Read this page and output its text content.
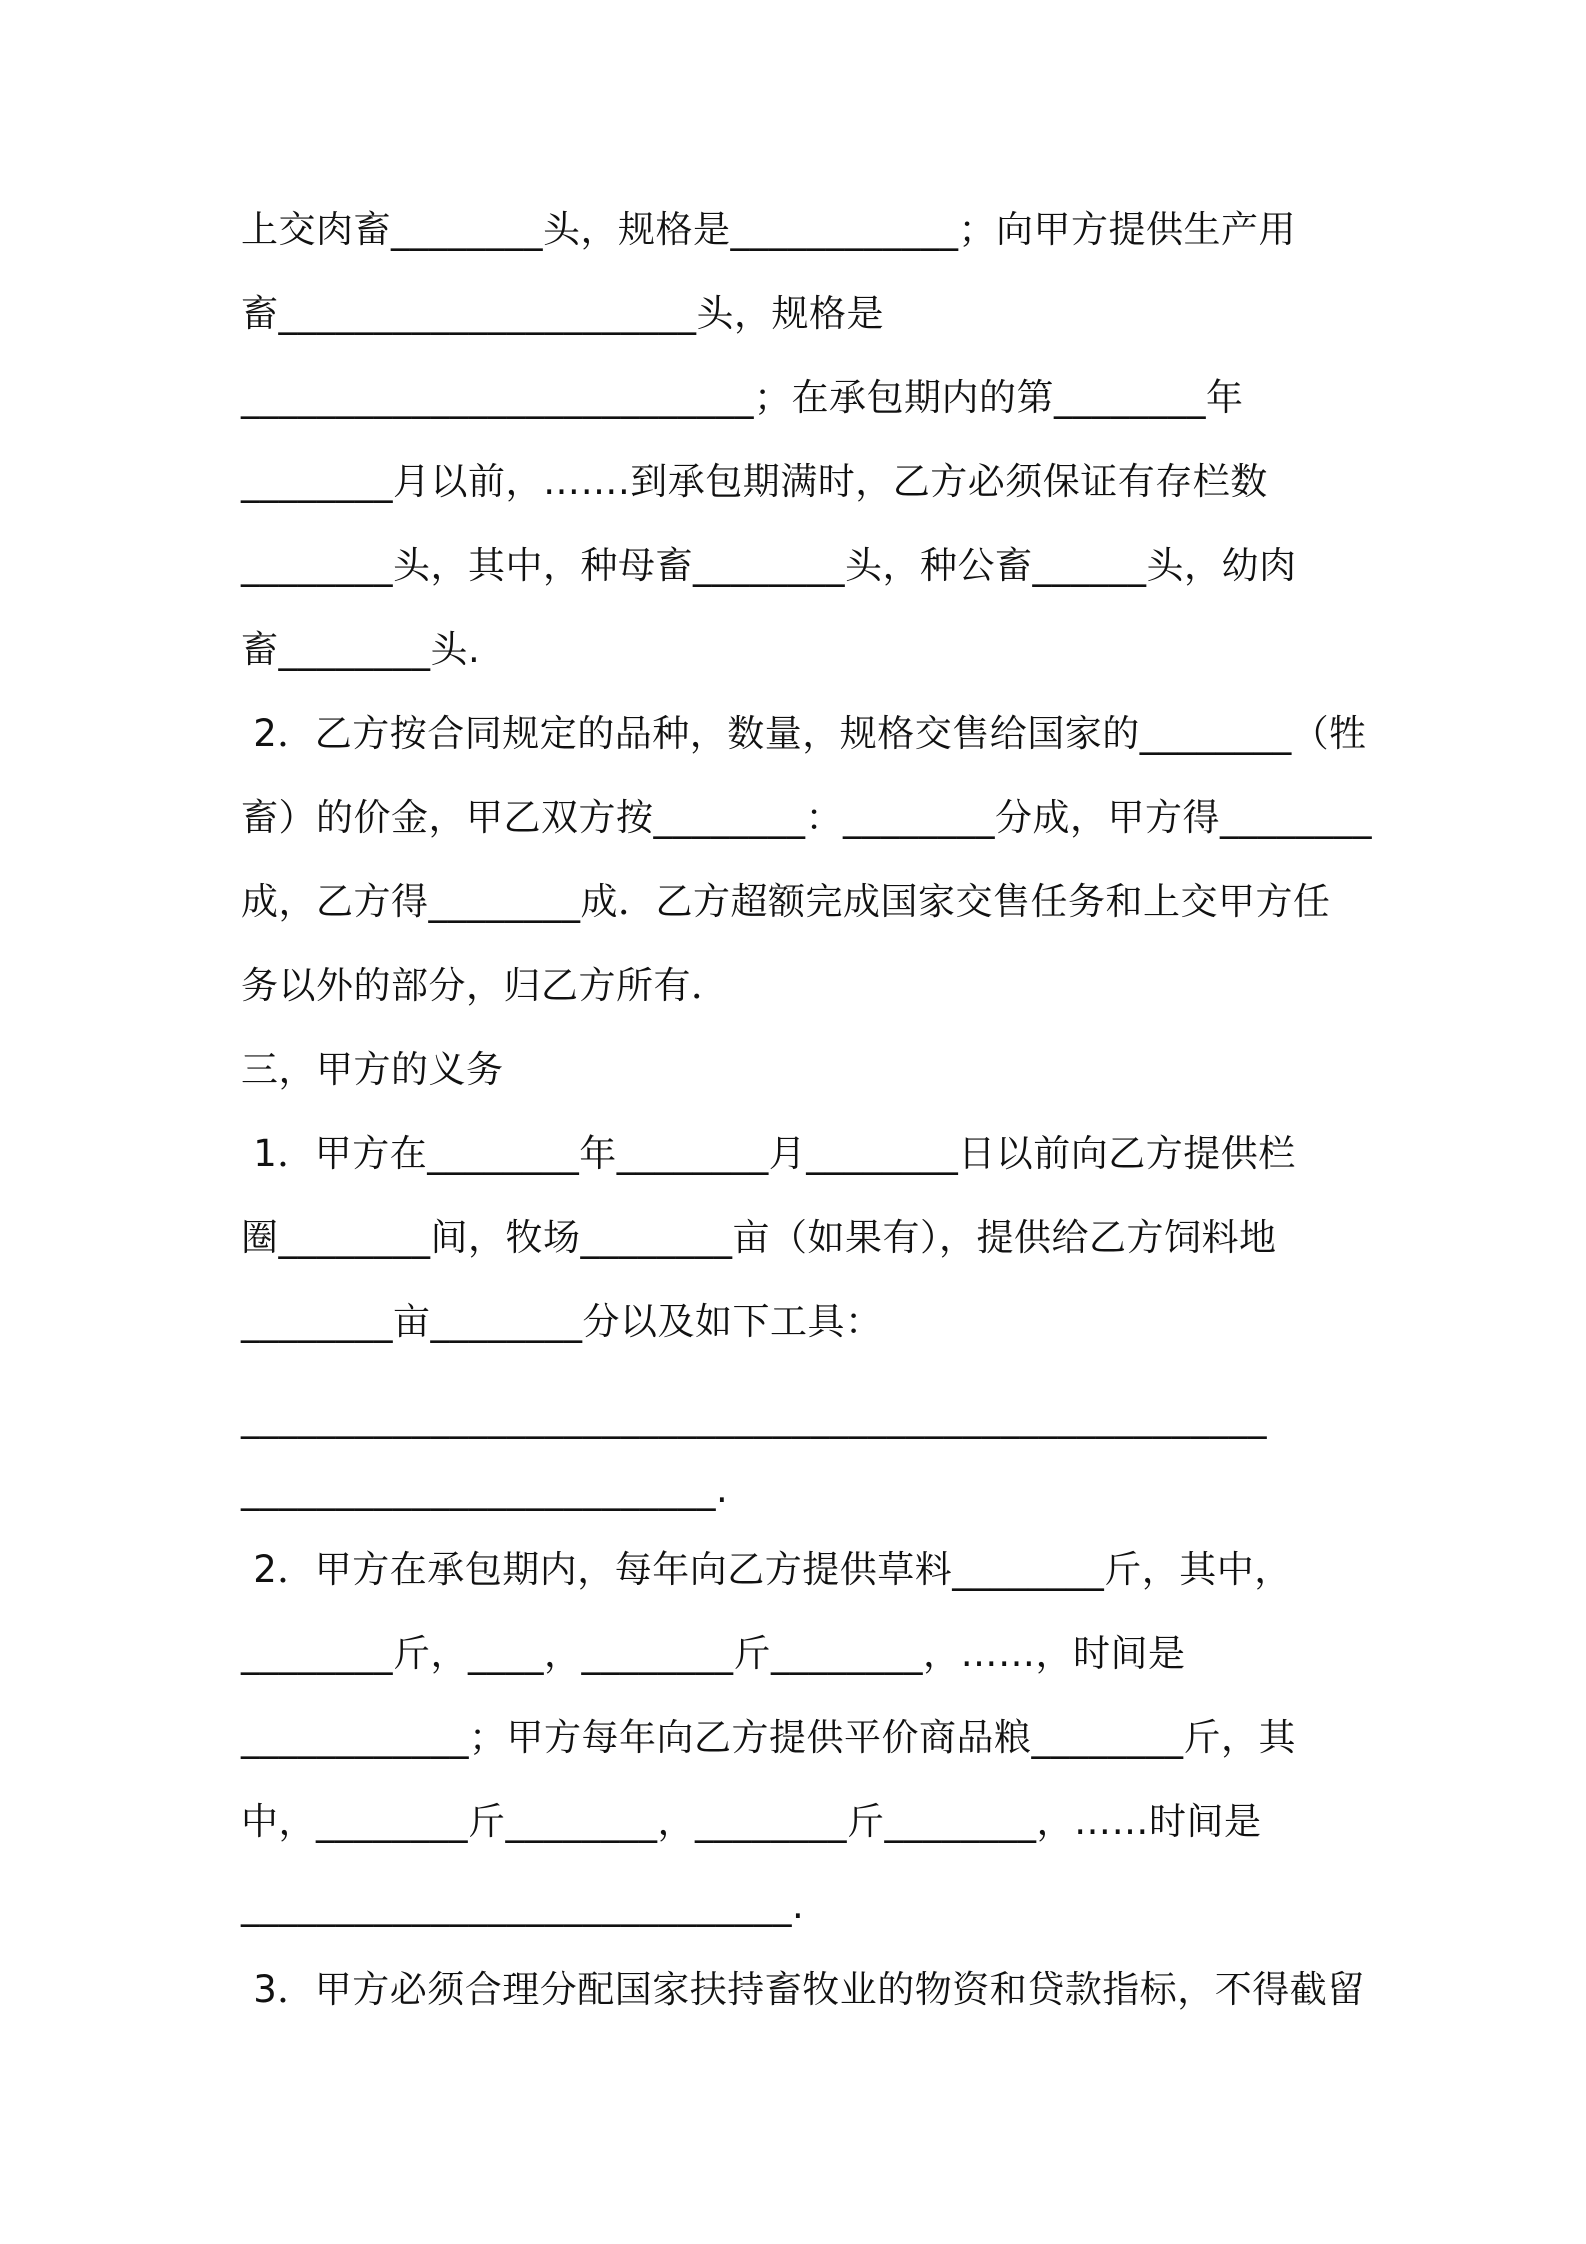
上交肉畜________头，规格是____________；向甲方提供生产用
畜______________________头，规格是
___________________________；在承包期内的第________年
________月以前，…….到承包期满时，乙方必须保证有存栏数
________头，其中，种母畜________头，种公畜______头，幼肉
畜________头.
2．乙方按合同规定的品种，数量，规格交售给国家的________（牲
畜）的价金，甲乙双方按________：________分成，甲方得________
成，乙方得________成．乙方超额完成国家交售任务和上交甲方任
务以外的部分，归乙方所有．
三，甲方的义务
1．甲方在________年________月________日以前向乙方提供栏
圈________间，牧场________亩（如果有），提供给乙方饲料地
________亩________分以及如下工具：
______________________________________________________
_________________________.
2．甲方在承包期内，每年向乙方提供草料________斤，其中，
________斤，____，________斤________，……，时间是
____________；甲方每年向乙方提供平价商品粮________斤，其
中，________斤________，________斤________，……时间是
_____________________________.
3．甲方必须合理分配国家扶持畜牧业的物资和贷款指标，不得截留
